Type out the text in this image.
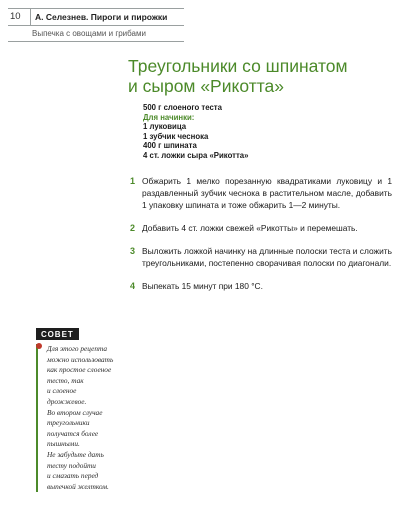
10	А. Селезнев. Пироги и пирожки
Выпечка с овощами и грибами
Треугольники со шпинатом
и сыром «Рикотта»
500 г слоеного теста
Для начинки:
1 луковица
1 зубчик чеснока
400 г шпината
4 ст. ложки сыра «Рикотта»
1 Обжарить 1 мелко порезанную квадратиками луковицу и 1 раздавленный зубчик чеснока в растительном масле, добавить 1 упаковку шпината и тоже обжарить 1—2 минуты.
2 Добавить 4 ст. ложки свежей «Рикотты» и перемешать.
3 Выложить ложкой начинку на длинные полоски теста и сложить треугольниками, постепенно сворачивая полоски по диагонали.
4 Выпекать 15 минут при 180 °С.
СОВЕТ
Для этого рецепта
можно использовать
как простое слоеное
тесто, так
и слоеное
дрожжевое.
Во втором случае
треугольники
получатся более
пышными.
Не забудьте дать
тесту подойти
и смазать перед
выпечкой желтком.
